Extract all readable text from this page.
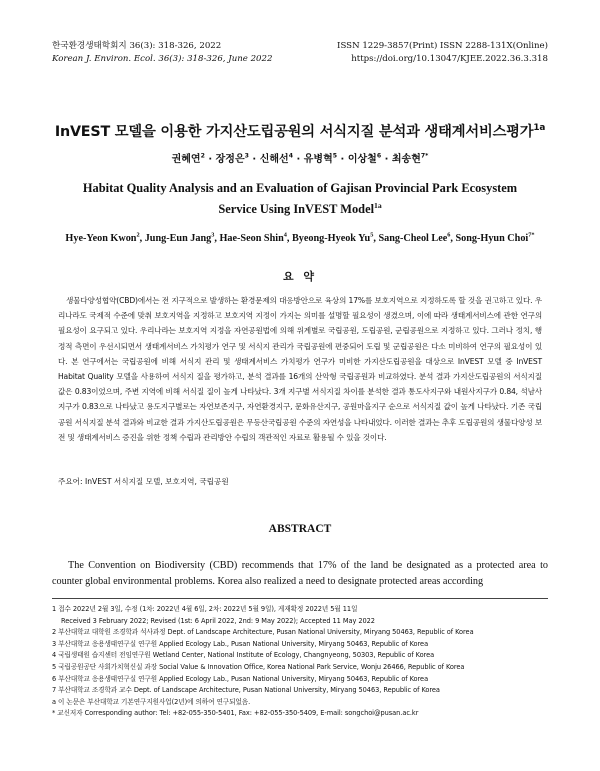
한국환경생태학회지 36(3): 318-326, 2022
Korean J. Environ. Ecol. 36(3): 318-326, June 2022
ISSN 1229-3857(Print) ISSN 2288-131X(Online)
https://doi.org/10.13047/KJEE.2022.36.3.318
InVEST 모델을 이용한 가지산도립공원의 서식지질 분석과 생태계서비스평가$^{1a}$
권혜연$^2$ · 장정은$^3$ · 신해선$^4$ · 유병혁$^5$ · 이상철$^6$ · 최송현$^{7*}$
Habitat Quality Analysis and an Evaluation of Gajisan Provincial Park Ecosystem
Service Using InVEST Model$^{1a}$
Hye-Yeon Kwon$^2$, Jung-Eun Jang$^3$, Hae-Seon Shin$^4$, Byeong-Hyeok Yu$^5$, Sang-Cheol Lee$^6$, Song-Hyun Choi$^{7*}$
요 약

생물다양성협약(CBD)에서는 전 지구적으로 발생하는 환경문제의 대응방안으로 육상의 17%를 보호지역으로 지정하도록 할 것을 권고하고 있다. 우리나라도 국제적 수준에 맞춰 보호지역을 지정하고 보호지역 지정이 가지는 의미를 설명할 필요성이 생겼으며, 이에 따라 생태계서비스에 관한 연구의 필요성이 요구되고 있다. 우리나라는 보호지역 지정을 자연공원법에 의해 위계별로 국립공원, 도립공원, 군립공원으로 지정하고 있다. 그러나 정치, 행정적 측면이 우선시되면서 생태계서비스 가치평가 연구 및 서식지 관리가 국립공원에 편중되어 도립 및 군립공원은 다소 미비하여 연구의 필요성이 있다. 본 연구에서는 국립공원에 비해 서식지 관리 및 생태계서비스 가치평가 연구가 미비한 가지산도립공원을 대상으로 InVEST 모델 중 InVEST Habitat Quality 모델을 사용하여 서식지 질을 평가하고, 분석 결과를 16개의 산악형 국립공원과 비교하였다. 분석 결과 가지산도립공원의 서식지질 값은 0.83이었으며, 주변 지역에 비해 서식질 질이 높게 나타났다. 3개 지구별 서식지질 차이를 분석한 결과 통도사지구와 내원사지구가 0.84, 석남사지구가 0.83으로 나타났고 용도지구별로는 자연보존지구, 자연환경지구, 문화유산지구, 공원마을지구 순으로 서식지질 값이 높게 나타났다. 기존 국립공원 서식지질 분석 결과와 비교한 결과 가지산도립공원은 무등산국립공원 수준의 자연성을 나타내었다. 이러한 결과는 추후 도립공원의 생물다양성 보전 및 생태계서비스 증진을 위한 정책 수립과 관리방안 수립의 객관적인 자료로 활용될 수 있을 것이다.

주요어: InVEST 서식지질 모델, 보호지역, 국립공원
ABSTRACT

The Convention on Biodiversity (CBD) recommends that 17% of the land be designated as a protected area to counter global environmental problems. Korea also realized a need to designate protected areas according

1 접수 2022년 2월 3일, 수정 (1차: 2022년 4월 6일, 2차: 2022년 5월 9일), 게재확정 2022년 5월 11일
Received 3 February 2022; Revised (1st: 6 April 2022, 2nd: 9 May 2022); Accepted 11 May 2022
2 부산대학교 대학원 조경학과 석사과정 Dept. of Landscape Architecture, Pusan National University, Miryang 50463, Republic of Korea
3 부산대학교 응용생태연구실 연구원 Applied Ecology Lab., Pusan National University, Miryang 50463, Republic of Korea
4 국립생태원 습지센터 전임연구원 Wetland Center, National Institute of Ecology, Changnyeong, 50303, Republic of Korea
5 국립공원공단 사회가치혁신실 과장 Social Value & Innovation Office, Korea National Park Service, Wonju 26466, Republic of Korea
6 부산대학교 응용생태연구실 연구원 Applied Ecology Lab., Pusan National University, Miryang 50463, Republic of Korea
7 부산대학교 조경학과 교수 Dept. of Landscape Architecture, Pusan National University, Miryang 50463, Republic of Korea
a 이 논문은 부산대학교 기본연구지원사업(2년)에 의하여 연구되었음.
* 교신저자 Corresponding author: Tel: +82-055-350-5401, Fax: +82-055-350-5409, E-mail: songchoi@pusan.ac.kr
